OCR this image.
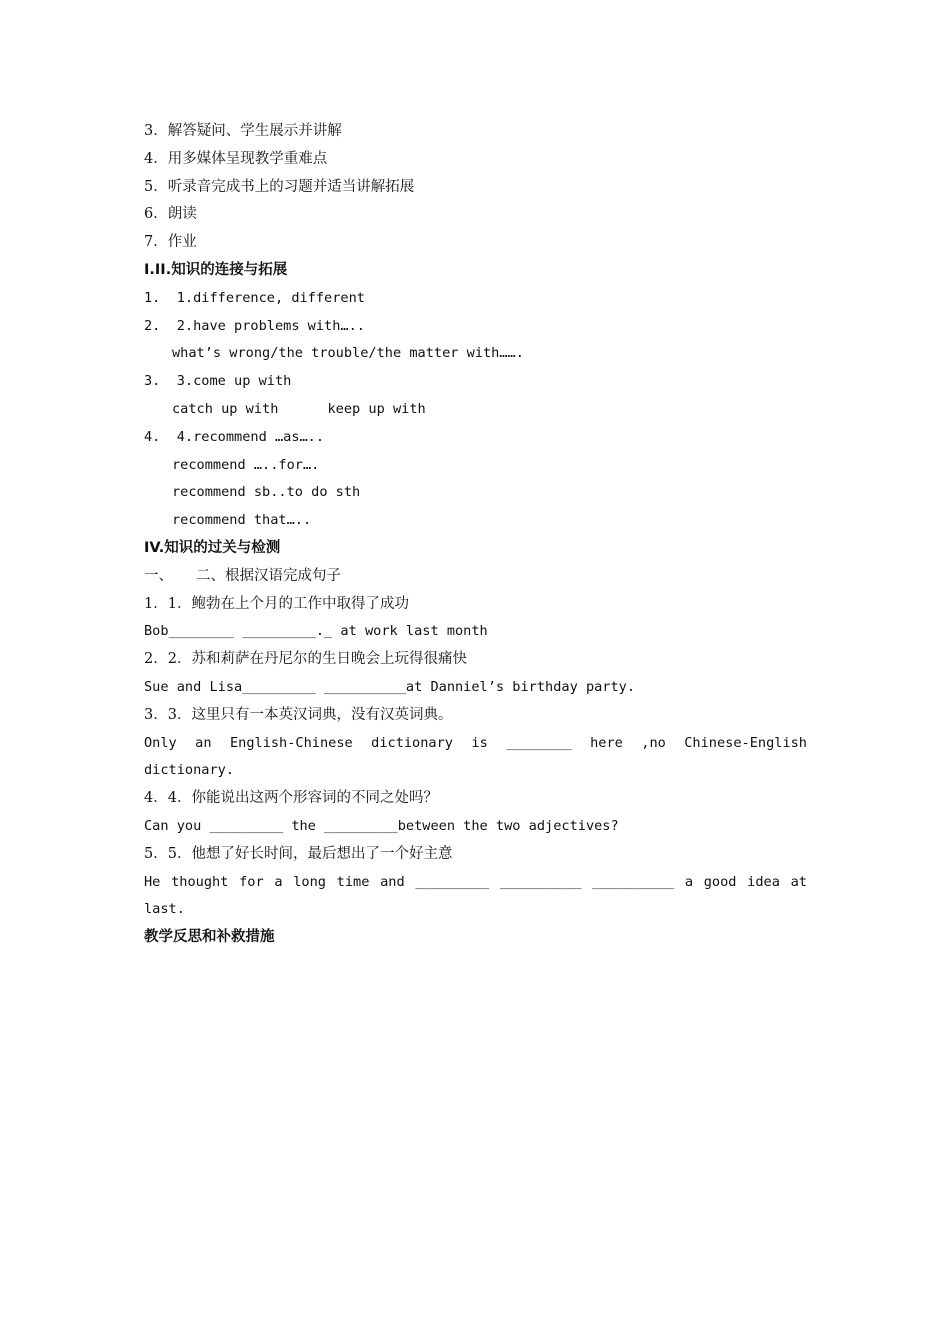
3．解答疑问、学生展示并讲解
4．用多媒体呈现教学重难点
5．听录音完成书上的习题并适当讲解拓展
6．朗读
7．作业
I.II.知识的连接与拓展
1.  1.difference, different
2.  2.have problems with…..
what’s wrong/the trouble/the matter with…….
3.  3.come up with
catch up with      keep up with
4.  4.recommend …as…..
recommend …..for….
recommend sb..to do sth
recommend that…..
IV.知识的过关与检测
一、     二、根据汉语完成句子
1．1．鲍勃在上个月的工作中取得了成功
Bob________ _________._ at work last month
2．2．苏和莉萨在丹尼尔的生日晚会上玩得很痛快
Sue and Lisa_________ __________at Danniel’s birthday party.
3．3．这里只有一本英汉词典，没有汉英词典。
Only an English-Chinese dictionary is ________ here ,no Chinese-English
dictionary.
4．4．你能说出这两个形容词的不同之处吗？
Can you _________ the _________between the two adjectives?
5．5．他想了好长时间，最后想出了一个好主意
He thought for a long time and _________ __________ __________ a good idea at
last.
教学反思和补救措施
